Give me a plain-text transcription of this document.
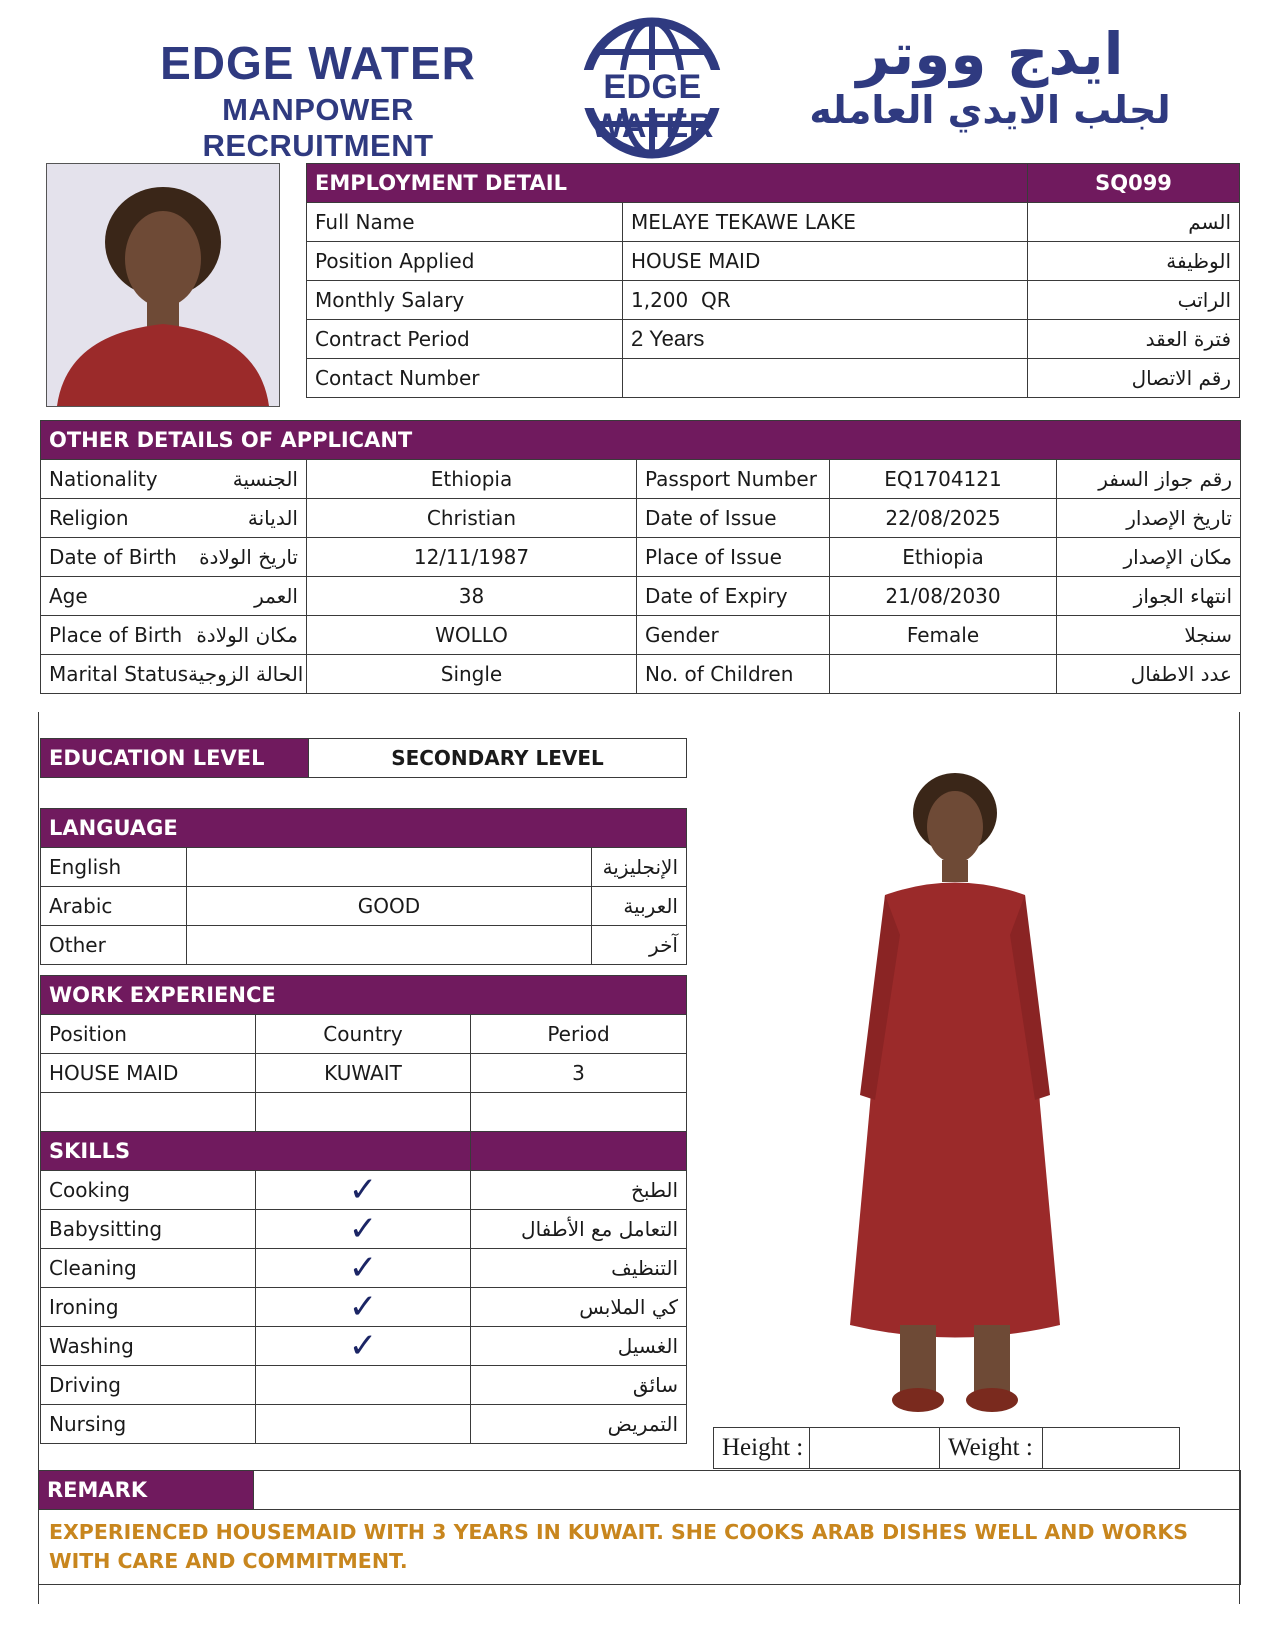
EDGE WATER
MANPOWER RECRUITMENT
EDGE WATER
ايدج ووتر
لجلب الايدي العامله
EMPLOYMENT DETAIL		SQ099
Full Name	MELAYE TEKAWE LAKE	السم
Position Applied	HOUSE MAID	الوظيفة
Monthly Salary	1,200  QR	الراتب
Contract Period	2 Years	فترة العقد
Contact Number		رقم الاتصال
OTHER DETAILS OF APPLICANT				

Nationality الجنسية	Ethiopia	Passport Number	EQ1704121	رقم جواز السفر

Religion الديانة	Christian	Date of Issue	22/08/2025	تاريخ الإصدار

Date of Birth تاريخ الولادة	12/11/1987	Place of Issue	Ethiopia	مكان الإصدار

Age العمر	38	Date of Expiry	21/08/2030	انتهاء الجواز

Place of Birth مكان الولادة	WOLLO	Gender	Female	سنجلا

Marital Status الحالة الزوجية	Single	No. of Children		عدد الاطفال
EDUCATION LEVEL	SECONDARY LEVEL
LANGUAGE		
English		الإنجليزية
Arabic	GOOD	العربية
Other		آخر
WORK EXPERIENCE		
Position	Country	Period
HOUSE MAID	KUWAIT	3

SKILLS		
Cooking	✓	الطبخ
Babysitting	✓	التعامل مع الأطفال
Cleaning	✓	التنظيف
Ironing	✓	كي الملابس
Washing	✓	الغسيل
Driving		سائق
Nursing		التمريض
Height :		Weight :	
REMARK	

EXPERIENCED HOUSEMAID WITH 3 YEARS IN KUWAIT. SHE COOKS ARAB DISHES WELL AND WORKS WITH CARE AND COMMITMENT.
